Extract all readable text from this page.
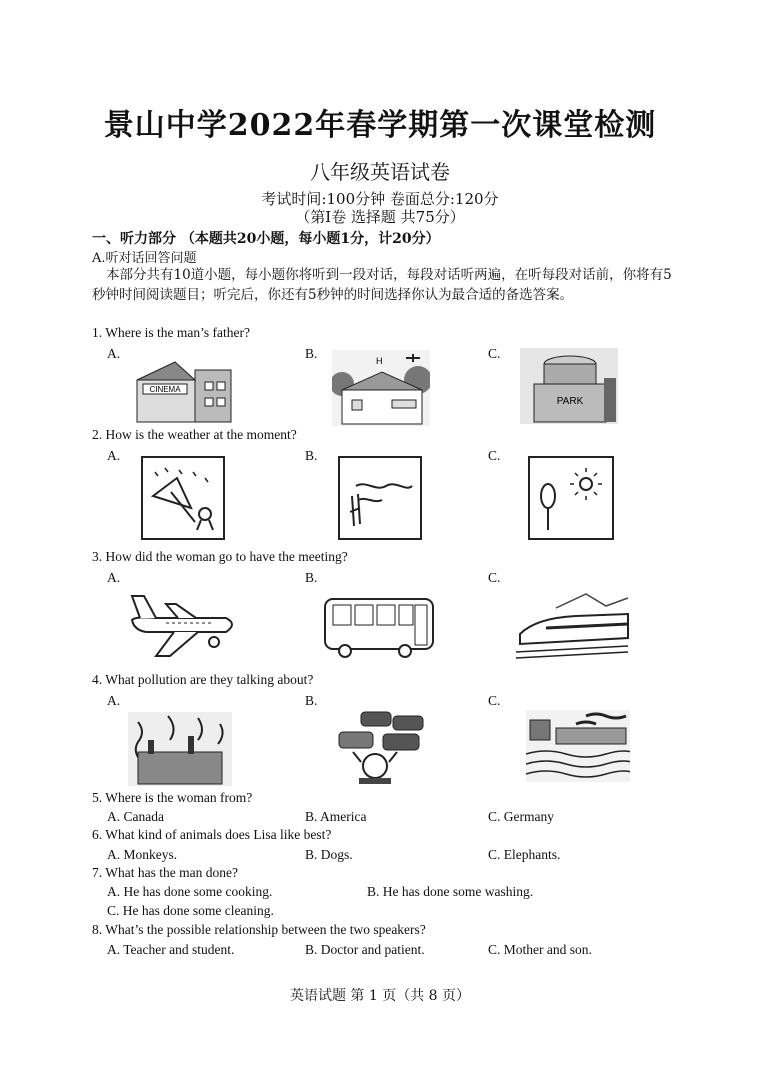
景山中学2022年春学期第一次课堂检测
八年级英语试卷
考试时间:100分钟 卷面总分:120分
（第Ⅰ卷 选择题 共75分）
一、听力部分 （本题共20小题，每小题1分，计20分）
A.听对话回答问题
本部分共有10道小题，每小题你将听到一段对话，每段对话听两遍，在听每段对话前，你将有5秒钟时间阅读题目；听完后，你还有5秒钟的时间选择你认为最合适的备选答案。
1. Where is the man’s father?
A.	B.	C.
CINEMA
H
PARK
2. How is the weather at the moment?
A.	B.	C.
3. How did the woman go to have the meeting?
A.	B.	C.
4. What pollution are they talking about?
A.	B.	C.
5. Where is the woman from?
A. Canada	B. America	C. Germany
6. What kind of animals does Lisa like best?
A. Monkeys.	B. Dogs.	C. Elephants.
7. What has the man done?
A. He has done some cooking.	B. He has done some washing.
C. He has done some cleaning.
8. What’s the possible relationship between the two speakers?
A. Teacher and student.	B. Doctor and patient.	C. Mother and son.
英语试题 第 1 页（共 8 页）
